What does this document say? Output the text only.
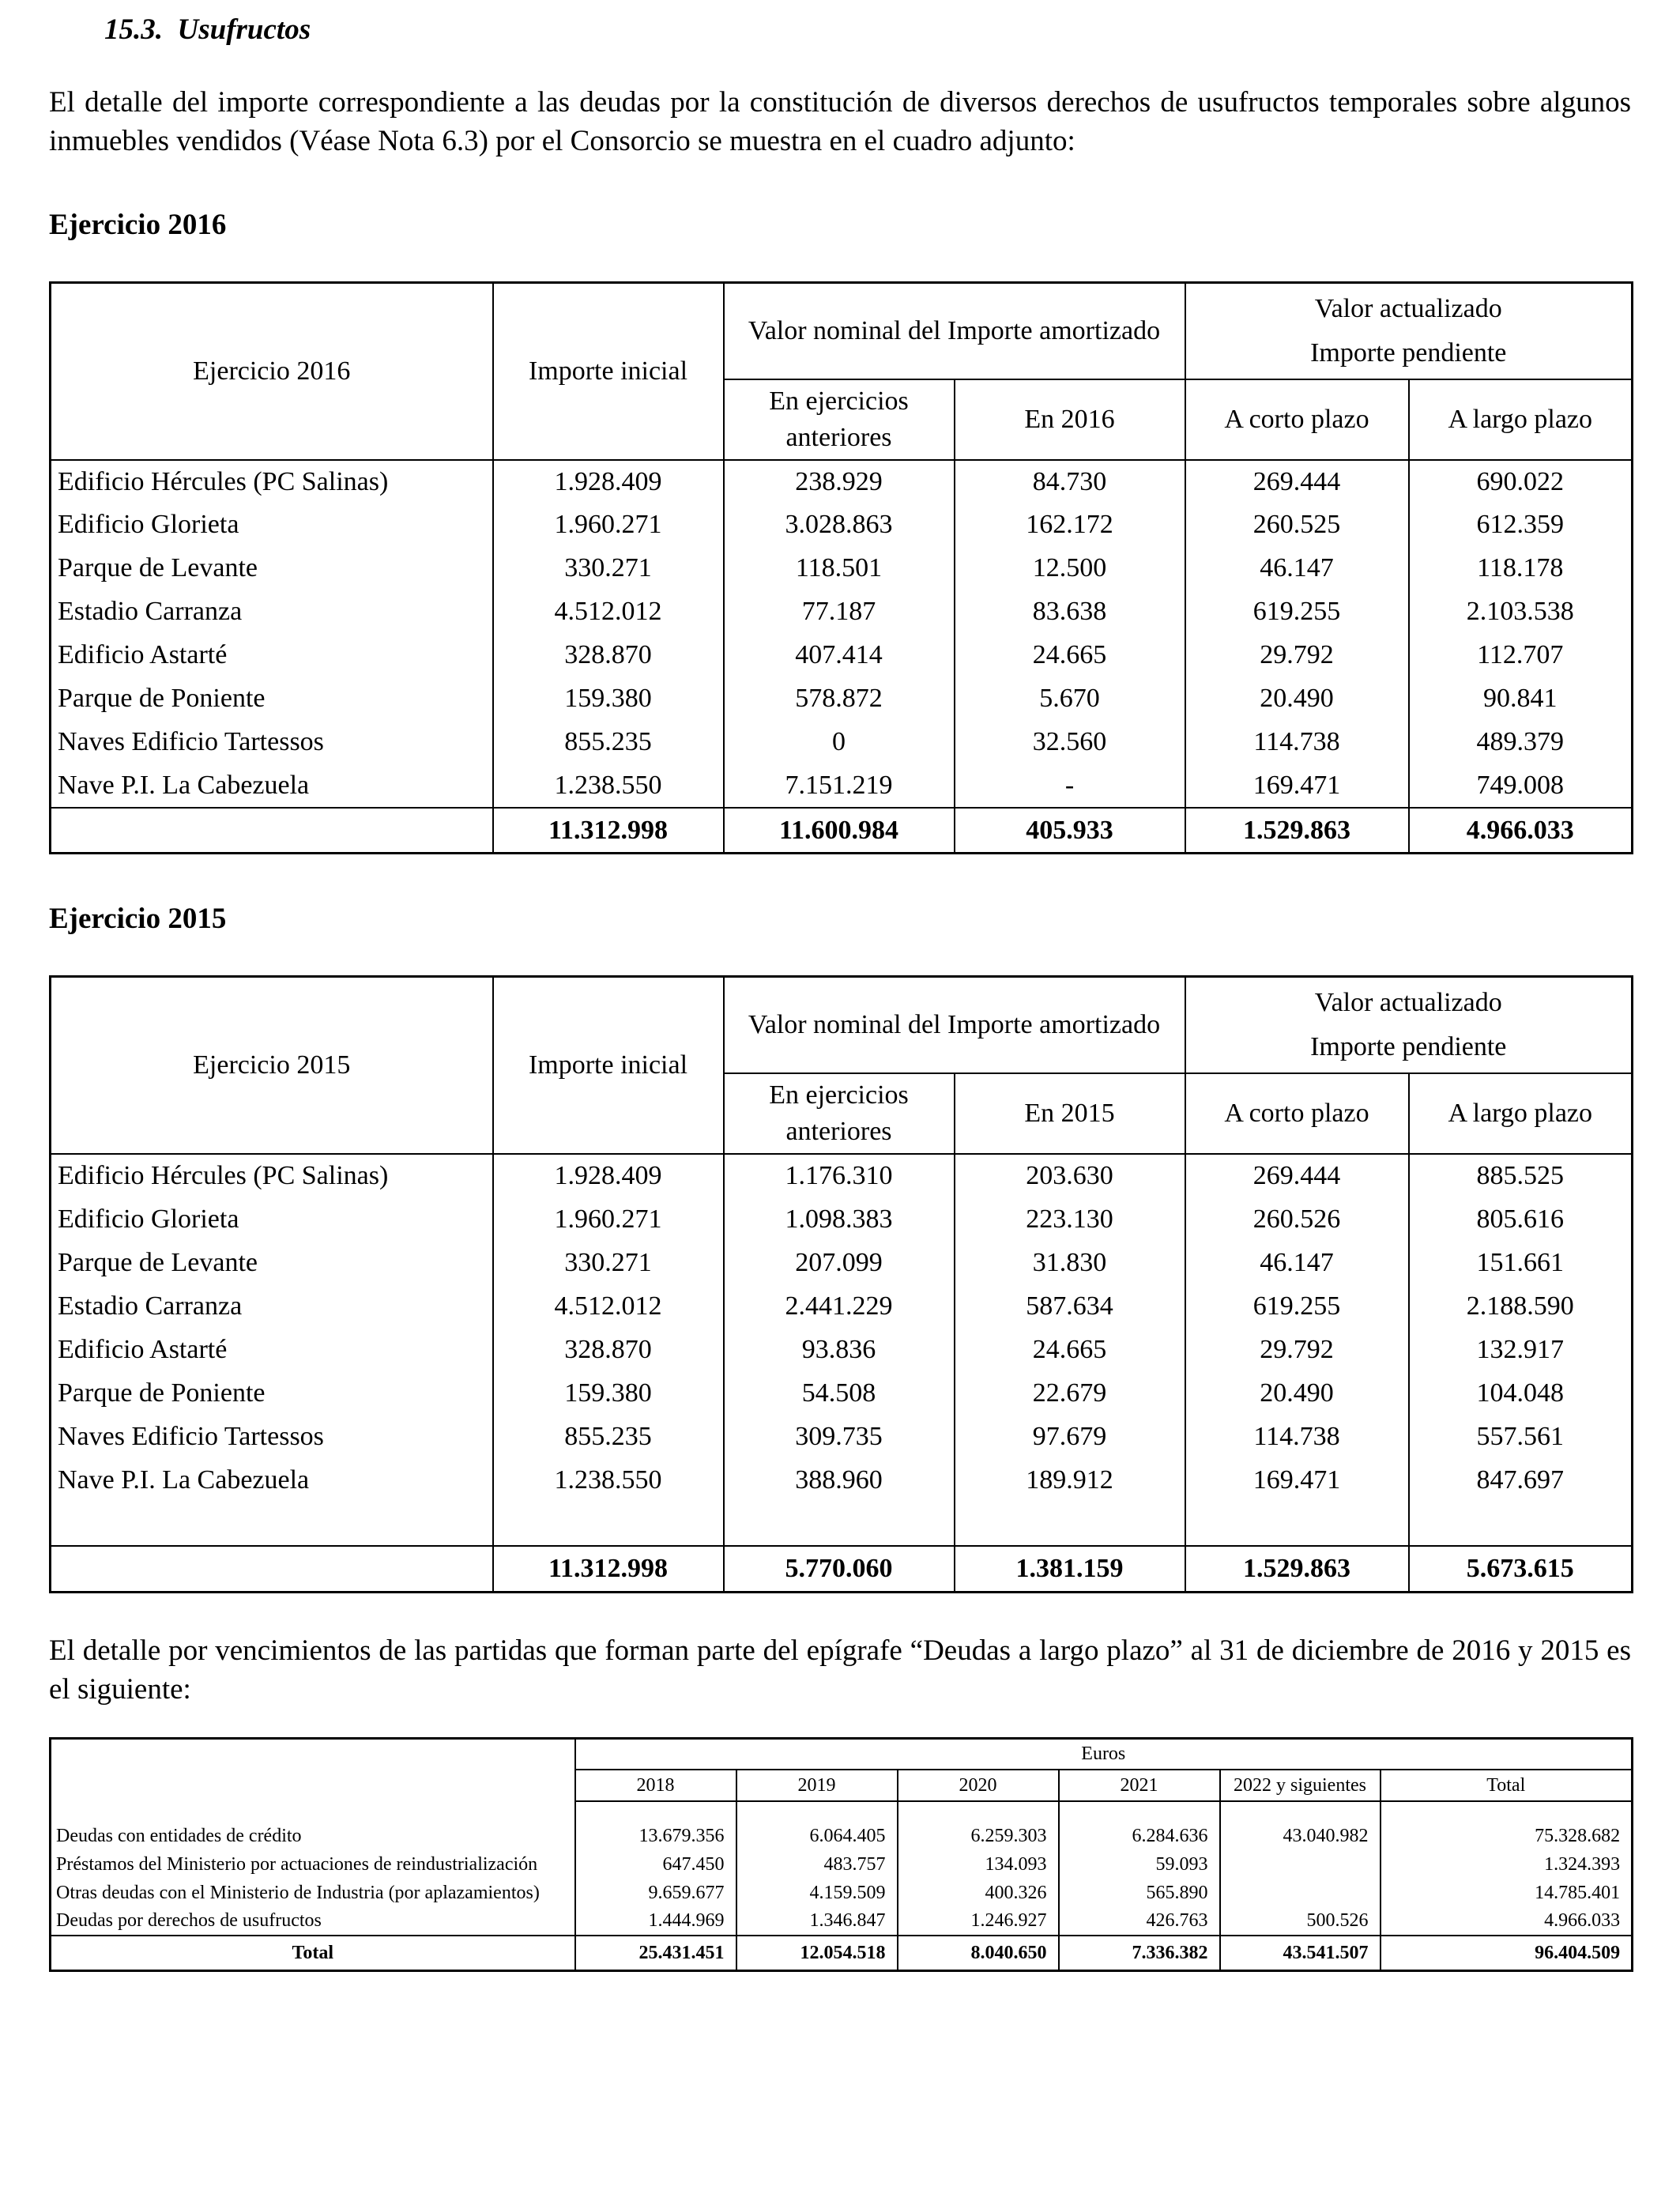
15.3.  Usufructos

El detalle del importe correspondiente a las deudas por la constitución de diversos derechos de usufructos temporales sobre algunos inmuebles vendidos (Véase Nota 6.3) por el Consorcio se muestra en el cuadro adjunto:

Ejercicio 2016
Ejercicio 2016	Importe inicial	Valor nominal del Importe amortizado		Valor actualizado
Importe pendiente	

		En ejercicios anteriores	En 2016	A corto plazo	A largo plazo
Edificio Hércules (PC Salinas)	1.928.409	238.929	84.730	269.444	690.022
Edificio Glorieta	1.960.271	3.028.863	162.172	260.525	612.359
Parque de Levante	330.271	118.501	12.500	46.147	118.178
Estadio Carranza	4.512.012	77.187	83.638	619.255	2.103.538
Edificio Astarté	328.870	407.414	24.665	29.792	112.707
Parque de Poniente	159.380	578.872	5.670	20.490	90.841
Naves Edificio Tartessos	855.235	0	32.560	114.738	489.379
Nave P.I. La Cabezuela	1.238.550	7.151.219	-	169.471	749.008
	11.312.998	11.600.984	405.933	1.529.863	4.966.033
Ejercicio 2015
Ejercicio 2015	Importe inicial	Valor nominal del Importe amortizado		Valor actualizado
Importe pendiente	

		En ejercicios anteriores	En 2015	A corto plazo	A largo plazo
Edificio Hércules (PC Salinas)	1.928.409	1.176.310	203.630	269.444	885.525
Edificio Glorieta	1.960.271	1.098.383	223.130	260.526	805.616
Parque de Levante	330.271	207.099	31.830	46.147	151.661
Estadio Carranza	4.512.012	2.441.229	587.634	619.255	2.188.590
Edificio Astarté	328.870	93.836	24.665	29.792	132.917
Parque de Poniente	159.380	54.508	22.679	20.490	104.048
Naves Edificio Tartessos	855.235	309.735	97.679	114.738	557.561
Nave P.I. La Cabezuela	1.238.550	388.960	189.912	169.471	847.697

	11.312.998	5.770.060	1.381.159	1.529.863	5.673.615

El detalle por vencimientos de las partidas que forman parte del epígrafe “Deudas a largo plazo” al 31 de diciembre de 2016 y 2015 es el siguiente:

	Euros					
	2018	2019	2020	2021	2022 y siguientes	Total

Deudas con entidades de crédito	13.679.356	6.064.405	6.259.303	6.284.636	43.040.982	75.328.682
Préstamos del Ministerio por actuaciones de reindustrialización	647.450	483.757	134.093	59.093		1.324.393
Otras deudas con el Ministerio de Industria (por aplazamientos)	9.659.677	4.159.509	400.326	565.890		14.785.401
Deudas por derechos de usufructos	1.444.969	1.346.847	1.246.927	426.763	500.526	4.966.033
Total	25.431.451	12.054.518	8.040.650	7.336.382	43.541.507	96.404.509
